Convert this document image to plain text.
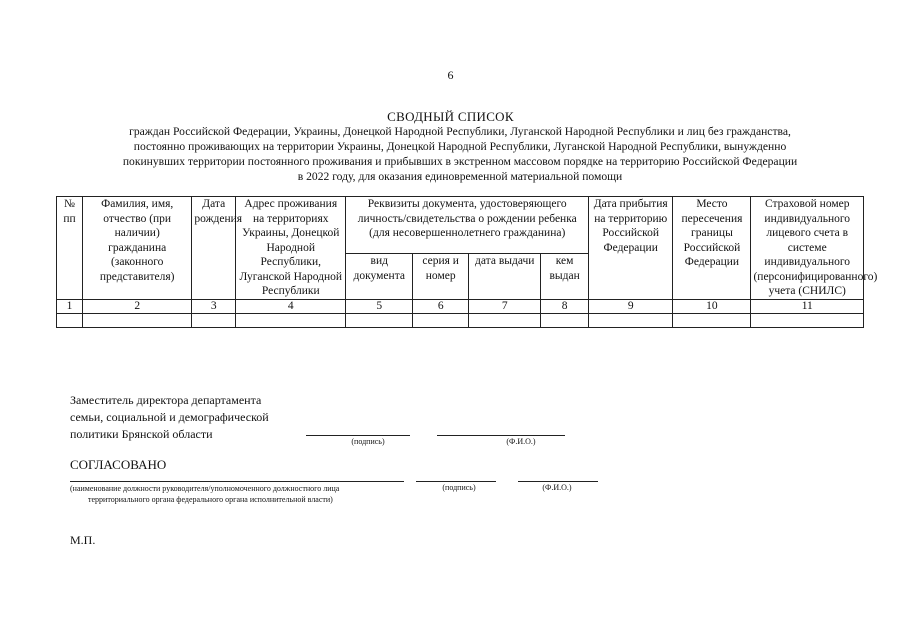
6
СВОДНЫЙ СПИСОК
граждан Российской Федерации, Украины, Донецкой Народной Республики, Луганской Народной Республики и лиц без гражданства,
постоянно проживающих на территории Украины, Донецкой Народной Республики, Луганской Народной Республики, вынужденно
покинувших территории постоянного проживания и прибывших в экстренном массовом порядке на территорию Российской Федерации
в 2022 году, для оказания единовременной материальной помощи
№ пп	Фамилия, имя, отчество (при наличии) гражданина (законного представителя)	Дата рождения	Адрес проживания на территориях Украины, Донецкой Народной Республики, Луганской Народной Республики	Реквизиты документа, удостоверяющего личность/свидетельства о рождении ребенка (для несовершеннолетнего гражданина)				Дата прибытия на территорию Российской Федерации	Место пересечения границы Российской Федерации	Страховой номер индивидуального лицевого счета в системе индивидуального (персонифицированного) учета (СНИЛС)
				вид документа	серия и номер	дата выдачи	кем выдан			
1	2	3	4	5	6	7	8	9	10	11

Заместитель директора департамента
семьи, социальной и демографической
политики Брянской области
(подпись)	(Ф.И.О.)
СОГЛАСОВАНО
(наименование должности руководителя/уполномоченного должностного лица
территориального органа федерального органа исполнительной власти)
(подпись)	(Ф.И.О.)
М.П.
